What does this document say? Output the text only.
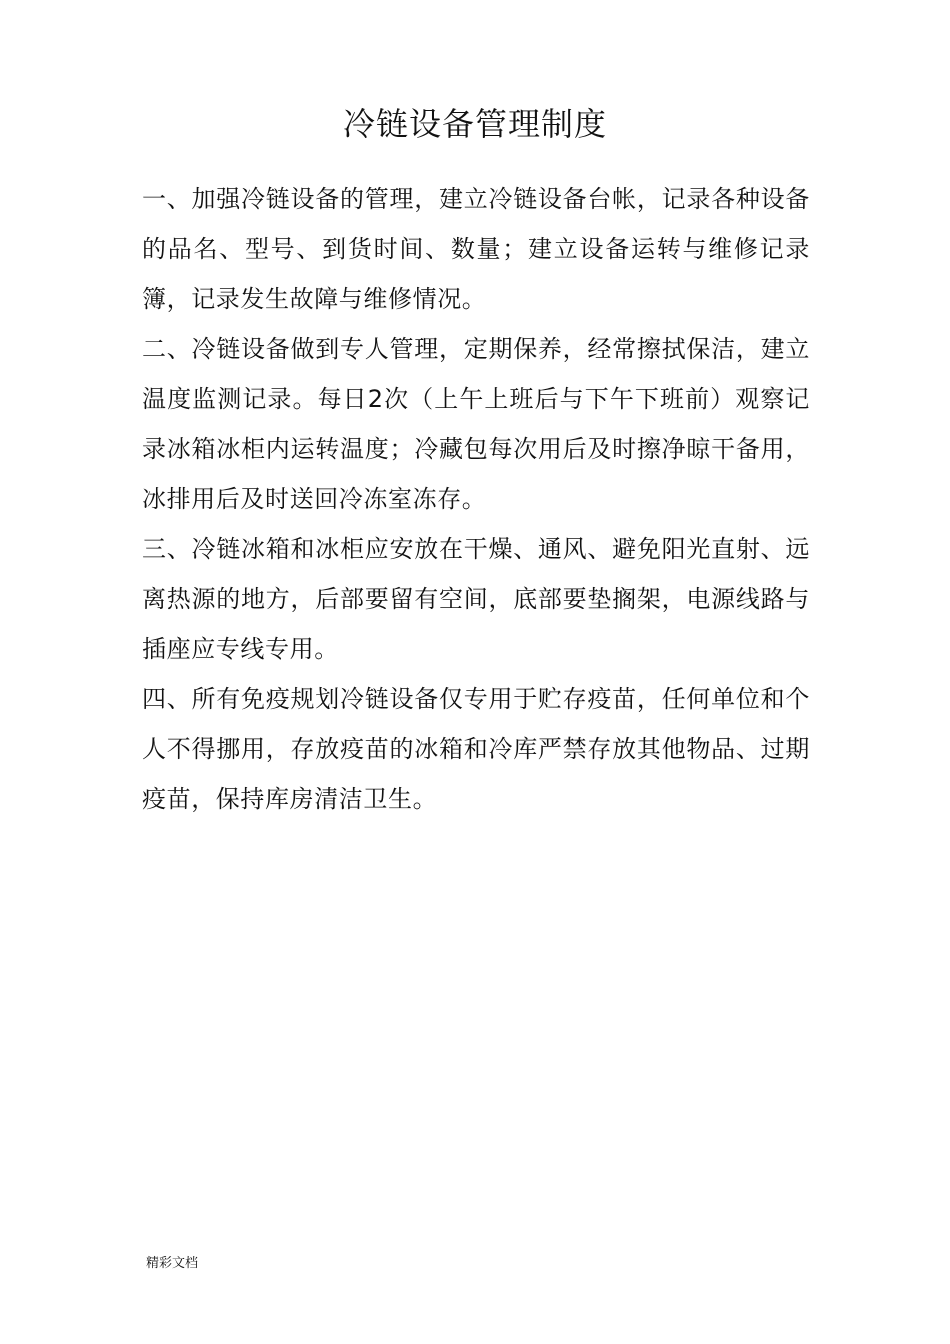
冷链设备管理制度

一、加强冷链设备的管理，建立冷链设备台帐，记录各种设备的品名、型号、到货时间、数量；建立设备运转与维修记录簿，记录发生故障与维修情况。

二、冷链设备做到专人管理，定期保养，经常擦拭保洁，建立温度监测记录。每日2次（上午上班后与下午下班前）观察记录冰箱冰柜内运转温度；冷藏包每次用后及时擦净晾干备用，冰排用后及时送回冷冻室冻存。

三、冷链冰箱和冰柜应安放在干燥、通风、避免阳光直射、远离热源的地方，后部要留有空间，底部要垫搁架，电源线路与插座应专线专用。

四、所有免疫规划冷链设备仅专用于贮存疫苗，任何单位和个人不得挪用，存放疫苗的冰箱和冷库严禁存放其他物品、过期疫苗，保持库房清洁卫生。

精彩文档
